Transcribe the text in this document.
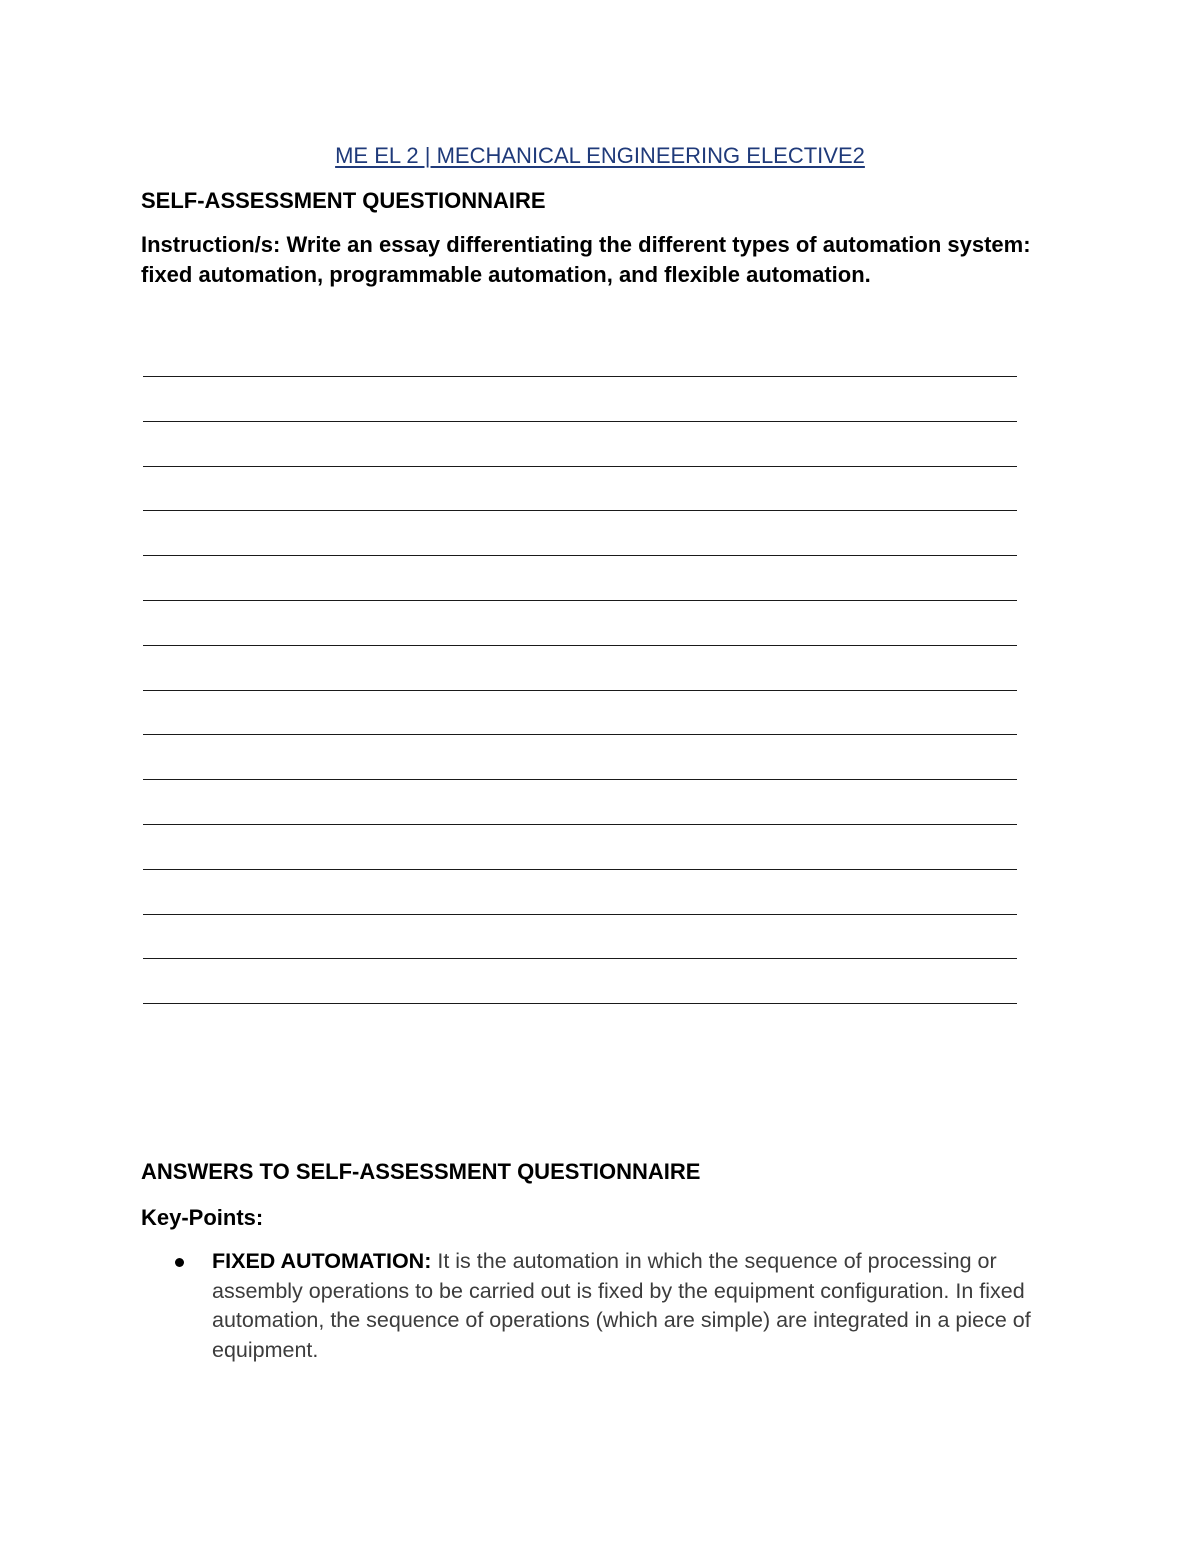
ME EL 2 | MECHANICAL ENGINEERING ELECTIVE2
SELF-ASSESSMENT QUESTIONNAIRE
Instruction/s: Write an essay differentiating the different types of automation system: fixed automation, programmable automation, and flexible automation.
ANSWERS TO SELF-ASSESSMENT QUESTIONNAIRE
Key-Points:
FIXED AUTOMATION: It is the automation in which the sequence of processing or assembly operations to be carried out is fixed by the equipment configuration. In fixed automation, the sequence of operations (which are simple) are integrated in a piece of equipment.
